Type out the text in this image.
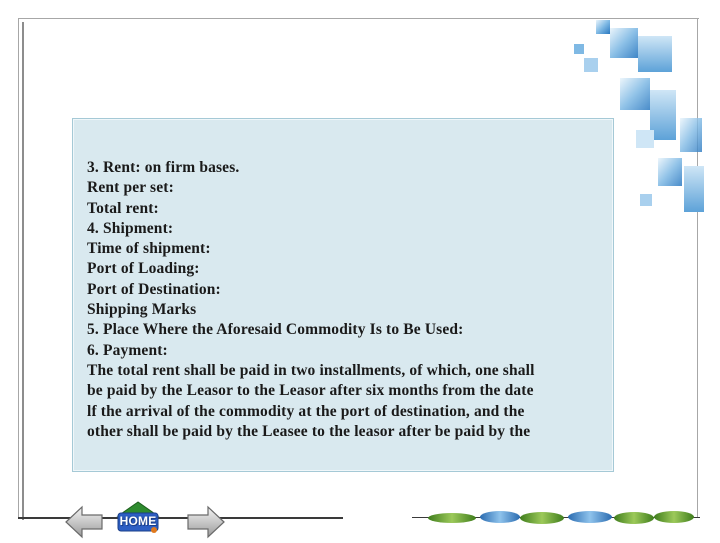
3. Rent: on firm bases.
Rent per set:
Total rent:
4. Shipment:
Time of shipment:
Port of Loading:
Port of Destination:
Shipping Marks
5. Place Where the Aforesaid Commodity Is to Be Used:
6. Payment:
The total rent shall be paid in two installments, of which, one shall
be paid by the Leasor to the Leasor after six months from the date
lf the arrival of the commodity at the port of destination, and the
other shall be paid by the Leasee to the leasor after be paid by the
HOME
